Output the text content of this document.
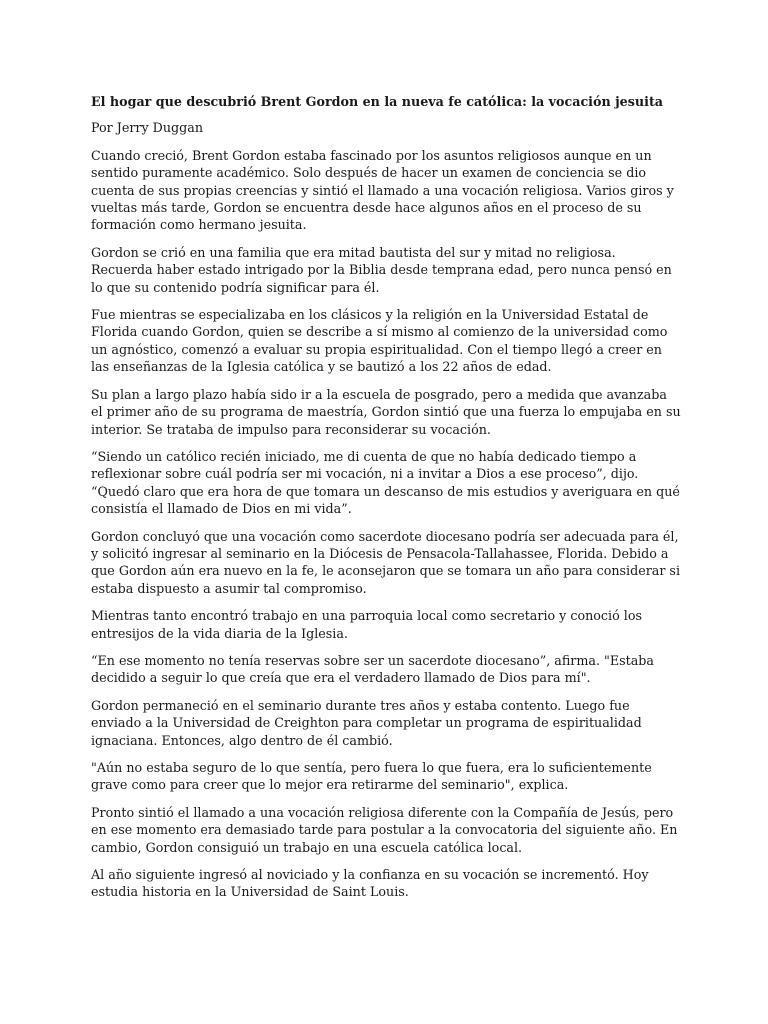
El hogar que descubrió Brent Gordon en la nueva fe católica: la vocación jesuita
Por Jerry Duggan
Cuando creció, Brent Gordon estaba fascinado por los asuntos religiosos aunque en un sentido puramente académico. Solo después de hacer un examen de conciencia se dio cuenta de sus propias creencias y sintió el llamado a una vocación religiosa. Varios giros y vueltas más tarde, Gordon se encuentra desde hace algunos años en el proceso de su formación como hermano jesuita.
Gordon se crió en una familia que era mitad bautista del sur y mitad no religiosa. Recuerda haber estado intrigado por la Biblia desde temprana edad, pero nunca pensó en lo que su contenido podría significar para él.
Fue mientras se especializaba en los clásicos y la religión en la Universidad Estatal de Florida cuando Gordon, quien se describe a sí mismo al comienzo de la universidad como un agnóstico, comenzó a evaluar su propia espiritualidad. Con el tiempo llegó a creer en las enseñanzas de la Iglesia católica y se bautizó a los 22 años de edad.
Su plan a largo plazo había sido ir a la escuela de posgrado, pero a medida que avanzaba el primer año de su programa de maestría, Gordon sintió que una fuerza lo empujaba en su interior. Se trataba de impulso para reconsiderar su vocación.
“Siendo un católico recién iniciado, me di cuenta de que no había dedicado tiempo a reflexionar sobre cuál podría ser mi vocación, ni a invitar a Dios a ese proceso”, dijo. “Quedó claro que era hora de que tomara un descanso de mis estudios y averiguara en qué consistía el llamado de Dios en mi vida”.
Gordon concluyó que una vocación como sacerdote diocesano podría ser adecuada para él, y solicitó ingresar al seminario en la Diócesis de Pensacola-Tallahassee, Florida. Debido a que Gordon aún era nuevo en la fe, le aconsejaron que se tomara un año para considerar si estaba dispuesto a asumir tal compromiso.
Mientras tanto encontró trabajo en una parroquia local como secretario y conoció los entresijos de la vida diaria de la Iglesia.
“En ese momento no tenía reservas sobre ser un sacerdote diocesano”, afirma. "Estaba decidido a seguir lo que creía que era el verdadero llamado de Dios para mí".
Gordon permaneció en el seminario durante tres años y estaba contento. Luego fue enviado a la Universidad de Creighton para completar un programa de espiritualidad ignaciana. Entonces, algo dentro de él cambió.
"Aún no estaba seguro de lo que sentía, pero fuera lo que fuera, era lo suficientemente grave como para creer que lo mejor era retirarme del seminario", explica.
Pronto sintió el llamado a una vocación religiosa diferente con la Compañía de Jesús, pero en ese momento era demasiado tarde para postular a la convocatoria del siguiente año. En cambio, Gordon consiguió un trabajo en una escuela católica local.
Al año siguiente ingresó al noviciado y la confianza en su vocación se incrementó. Hoy estudia historia en la Universidad de Saint Louis.
